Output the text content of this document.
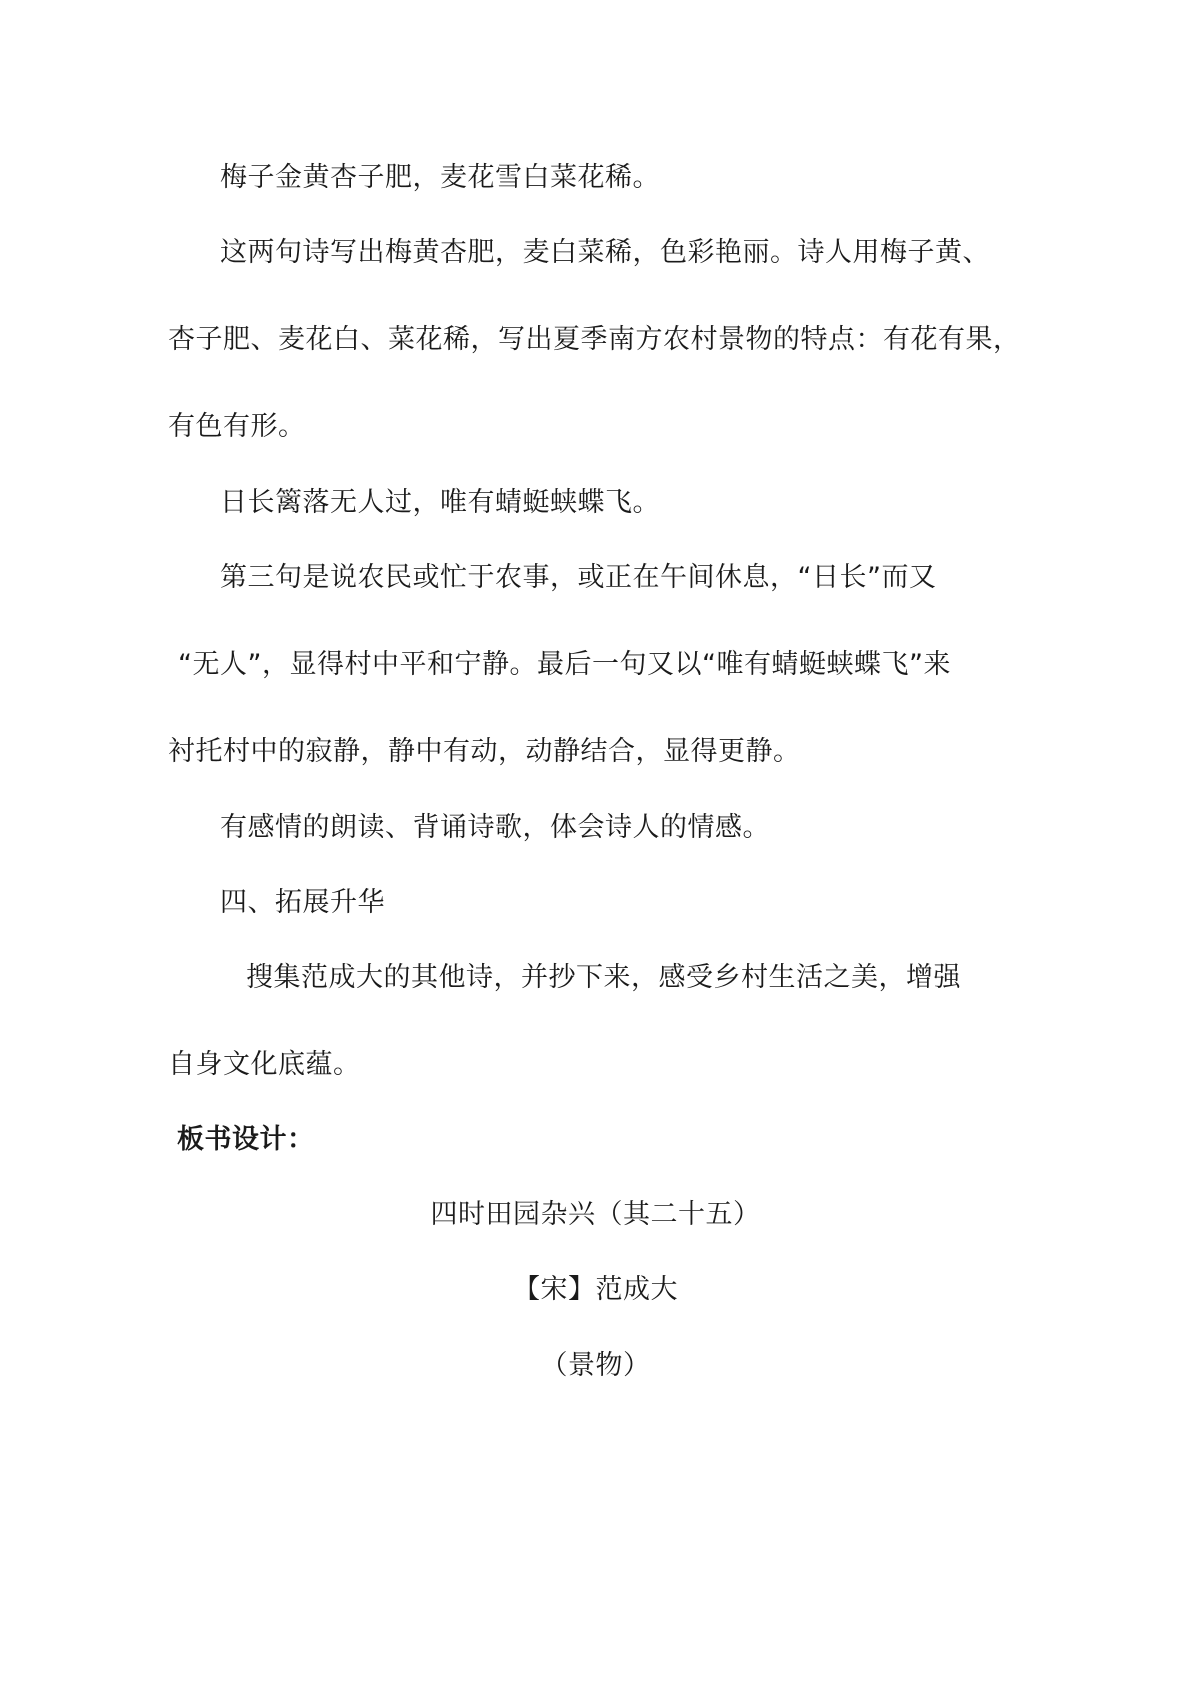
梅子金黄杏子肥，麦花雪白菜花稀。
这两句诗写出梅黄杏肥，麦白菜稀，色彩艳丽。诗人用梅子黄、
杏子肥、麦花白、菜花稀，写出夏季南方农村景物的特点：有花有果，
有色有形。
日长篱落无人过，唯有蜻蜓蛱蝶飞。
第三句是说农民或忙于农事，或正在午间休息，“日长”而又
“无人”，显得村中平和宁静。最后一句又以“唯有蜻蜓蛱蝶飞”来
衬托村中的寂静，静中有动，动静结合，显得更静。
有感情的朗读、背诵诗歌，体会诗人的情感。
四、拓展升华
搜集范成大的其他诗，并抄下来，感受乡村生活之美，增强
自身文化底蕴。
板书设计：
四时田园杂兴（其二十五）
【宋】范成大
（景物）
